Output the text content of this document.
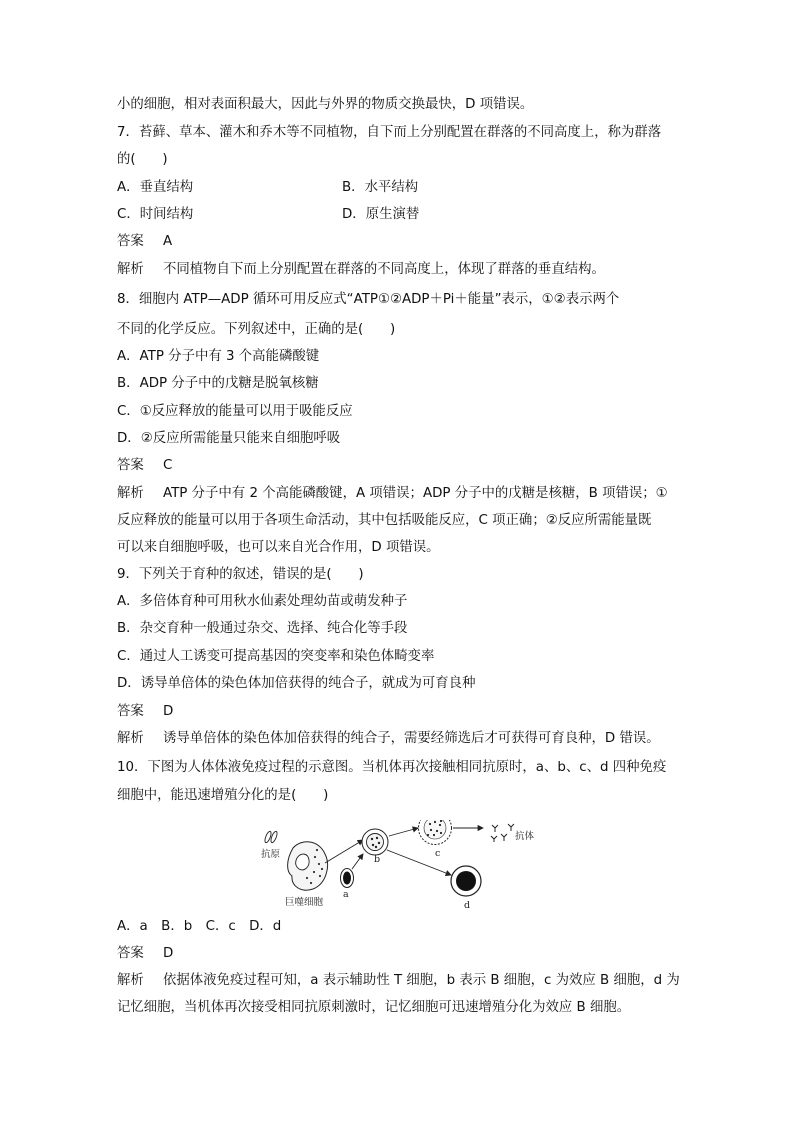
小的细胞，相对表面积最大，因此与外界的物质交换最快，D 项错误。
7．苔藓、草本、灌木和乔木等不同植物，自下而上分别配置在群落的不同高度上，称为群落
的(　　)
A．垂直结构	B．水平结构
C．时间结构	D．原生演替
答案 A
解析 不同植物自下而上分别配置在群落的不同高度上，体现了群落的垂直结构。
8．细胞内 ATP—ADP 循环可用反应式“ATP①②ADP＋Pi＋能量”表示，①②表示两个
不同的化学反应。下列叙述中，正确的是(　　)
A．ATP 分子中有 3 个高能磷酸键
B．ADP 分子中的戊糖是脱氧核糖
C．①反应释放的能量可以用于吸能反应
D．②反应所需能量只能来自细胞呼吸
答案 C
解析 ATP 分子中有 2 个高能磷酸键，A 项错误；ADP 分子中的戊糖是核糖，B 项错误；①
反应释放的能量可以用于各项生命活动，其中包括吸能反应，C 项正确；②反应所需能量既
可以来自细胞呼吸，也可以来自光合作用，D 项错误。
9．下列关于育种的叙述，错误的是(　　)
A．多倍体育种可用秋水仙素处理幼苗或萌发种子
B．杂交育种一般通过杂交、选择、纯合化等手段
C．通过人工诱变可提高基因的突变率和染色体畸变率
D．诱导单倍体的染色体加倍获得的纯合子，就成为可育良种
答案 D
解析 诱导单倍体的染色体加倍获得的纯合子，需要经筛选后才可获得可育良种，D 错误。
10．下图为人体体液免疫过程的示意图。当机体再次接触相同抗原时，a、b、c、d 四种免疫
细胞中，能迅速增殖分化的是(　　)
抗原
巨噬细胞
a
b
c
抗体
d
A．a　B．b　C．c　D．d
答案 D
解析 依据体液免疫过程可知，a 表示辅助性 T 细胞，b 表示 B 细胞，c 为效应 B 细胞，d 为
记忆细胞，当机体再次接受相同抗原刺激时，记忆细胞可迅速增殖分化为效应 B 细胞。
